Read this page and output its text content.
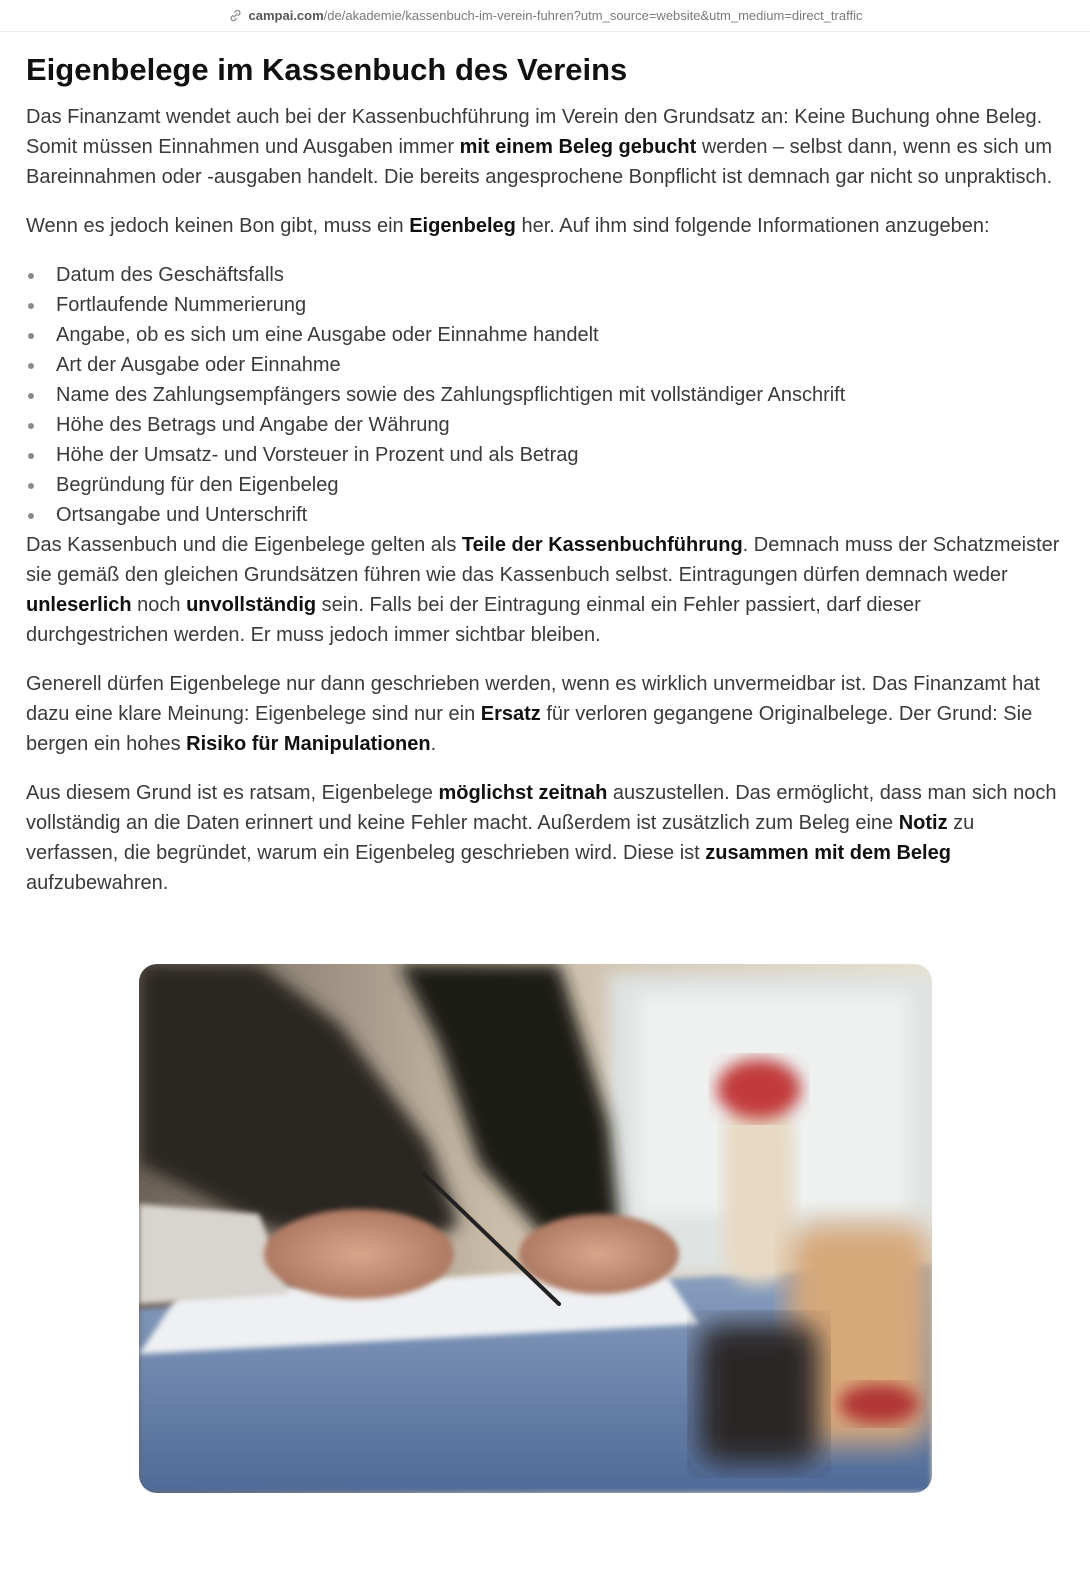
campai.com/de/akademie/kassenbuch-im-verein-fuhren?utm_source=website&utm_medium=direct_traffic
Eigenbelege im Kassenbuch des Vereins

Das Finanzamt wendet auch bei der Kassenbuchführung im Verein den Grundsatz an: Keine Buchung ohne Beleg. Somit müssen Einnahmen und Ausgaben immer mit einem Beleg gebucht werden – selbst dann, wenn es sich um Bareinnahmen oder -ausgaben handelt. Die bereits angesprochene Bonpflicht ist demnach gar nicht so unpraktisch.

Wenn es jedoch keinen Bon gibt, muss ein Eigenbeleg her. Auf ihm sind folgende Informationen anzugeben:

Datum des Geschäftsfalls
Fortlaufende Nummerierung
Angabe, ob es sich um eine Ausgabe oder Einnahme handelt
Art der Ausgabe oder Einnahme
Name des Zahlungsempfängers sowie des Zahlungspflichtigen mit vollständiger Anschrift
Höhe des Betrags und Angabe der Währung
Höhe der Umsatz- und Vorsteuer in Prozent und als Betrag
Begründung für den Eigenbeleg
Ortsangabe und Unterschrift

Das Kassenbuch und die Eigenbelege gelten als Teile der Kassenbuchführung. Demnach muss der Schatzmeister sie gemäß den gleichen Grundsätzen führen wie das Kassenbuch selbst. Eintragungen dürfen demnach weder unleserlich noch unvollständig sein. Falls bei der Eintragung einmal ein Fehler passiert, darf dieser durchgestrichen werden. Er muss jedoch immer sichtbar bleiben.

Generell dürfen Eigenbelege nur dann geschrieben werden, wenn es wirklich unvermeidbar ist. Das Finanzamt hat dazu eine klare Meinung: Eigenbelege sind nur ein Ersatz für verloren gegangene Originalbelege. Der Grund: Sie bergen ein hohes Risiko für Manipulationen.

Aus diesem Grund ist es ratsam, Eigenbelege möglichst zeitnah auszustellen. Das ermöglicht, dass man sich noch vollständig an die Daten erinnert und keine Fehler macht. Außerdem ist zusätzlich zum Beleg eine Notiz zu verfassen, die begründet, warum ein Eigenbeleg geschrieben wird. Diese ist zusammen mit dem Beleg aufzubewahren.
